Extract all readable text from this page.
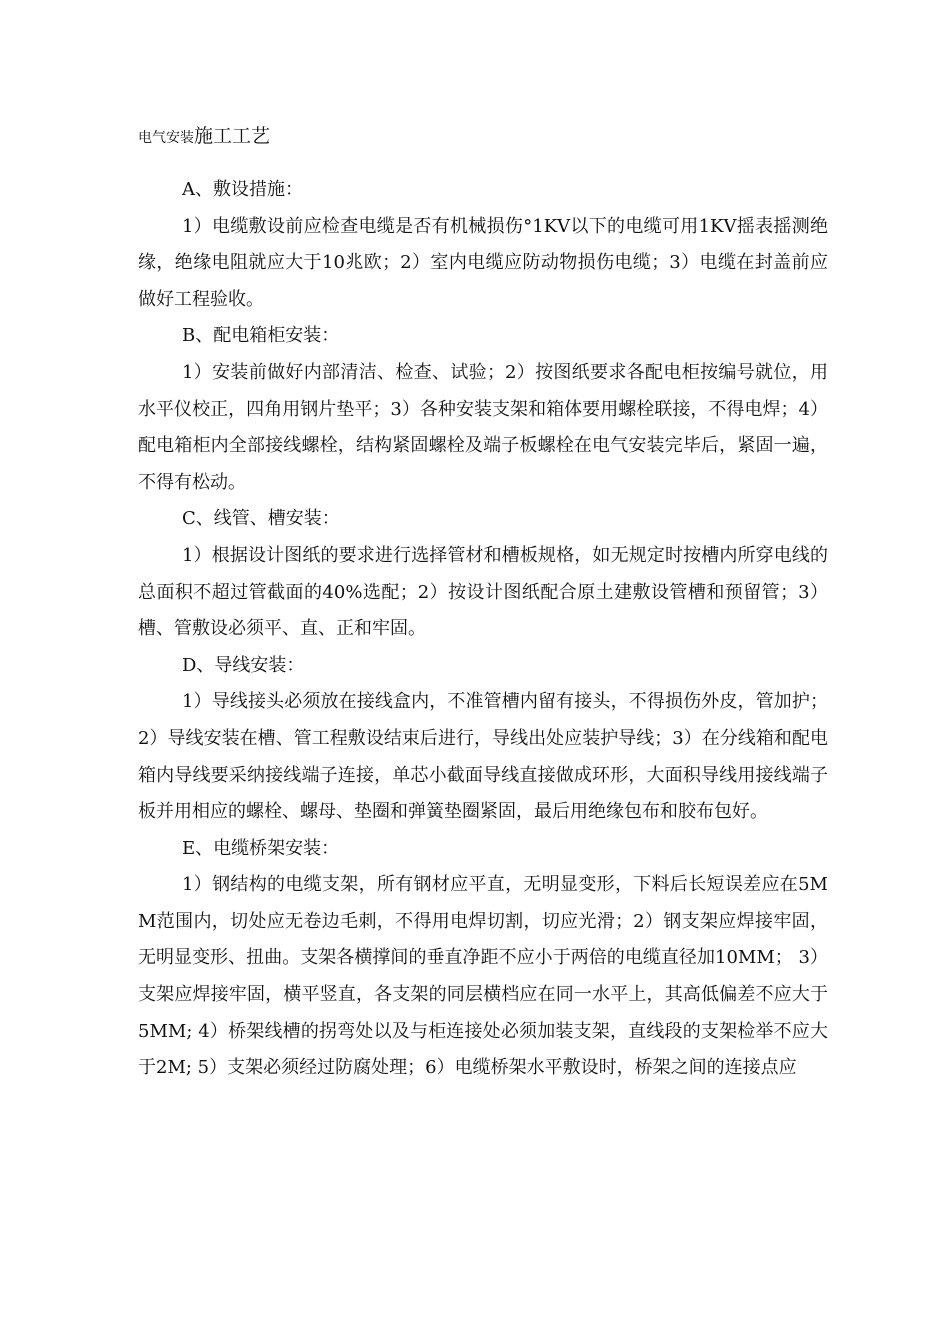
电气安装施工工艺

A、敷设措施：

1）电缆敷设前应检查电缆是否有机械损伤°1KV以下的电缆可用1KV摇表摇测绝缘，绝缘电阻就应大于10兆欧；2）室内电缆应防动物损伤电缆；3）电缆在封盖前应做好工程验收。

B、配电箱柜安装：

1）安装前做好内部清洁、检查、试验；2）按图纸要求各配电柜按编号就位，用水平仪校正，四角用钢片垫平；3）各种安装支架和箱体要用螺栓联接，不得电焊；4）配电箱柜内全部接线螺栓，结构紧固螺栓及端子板螺栓在电气安装完毕后，紧固一遍，不得有松动。

C、线管、槽安装：

1）根据设计图纸的要求进行选择管材和槽板规格，如无规定时按槽内所穿电线的总面积不超过管截面的40%选配；2）按设计图纸配合原土建敷设管槽和预留管；3）槽、管敷设必须平、直、正和牢固。

D、导线安装：

1）导线接头必须放在接线盒内，不准管槽内留有接头，不得损伤外皮，管加护； 2）导线安装在槽、管工程敷设结束后进行，导线出处应装护导线；3）在分线箱和配电箱内导线要采纳接线端子连接，单芯小截面导线直接做成环形，大面积导线用接线端子板并用相应的螺栓、螺母、垫圈和弹簧垫圈紧固，最后用绝缘包布和胶布包好。

E、电缆桥架安装：

1）钢结构的电缆支架，所有钢材应平直，无明显变形，下料后长短误差应在5MM范围内，切处应无卷边毛刺，不得用电焊切割，切应光滑；2）钢支架应焊接牢固，无明显变形、扭曲。支架各横撑间的垂直净距不应小于两倍的电缆直径加10MM； 3）支架应焊接牢固，横平竖直，各支架的同层横档应在同一水平上，其高低偏差不应大于5MM; 4）桥架线槽的拐弯处以及与柜连接处必须加装支架，直线段的支架检举不应大于2M; 5）支架必须经过防腐处理；6）电缆桥架水平敷设时，桥架之间的连接点应
